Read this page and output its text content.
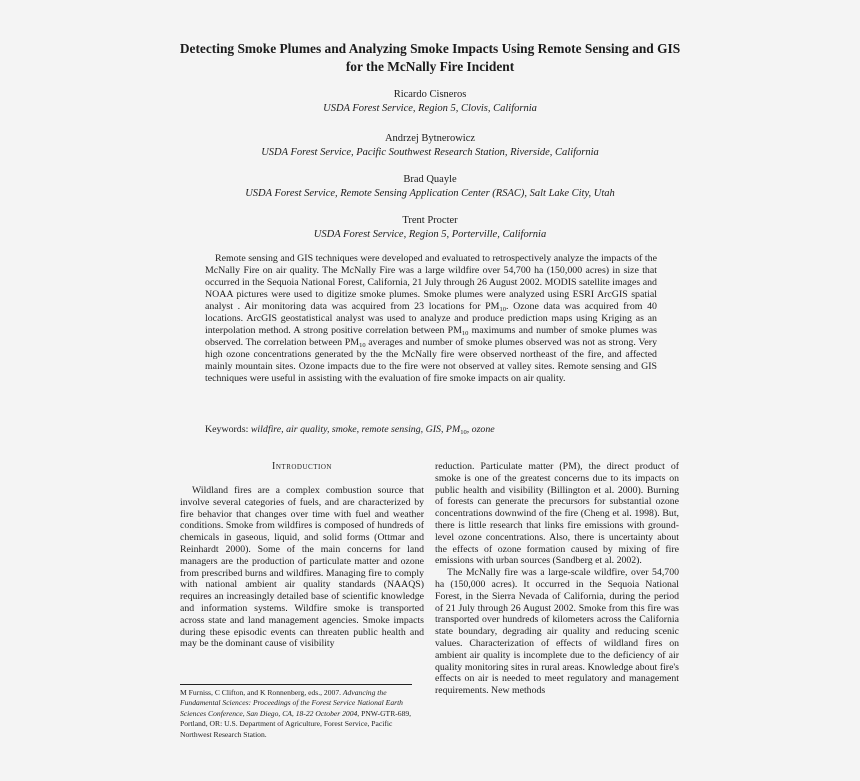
Detecting Smoke Plumes and Analyzing Smoke Impacts Using Remote Sensing and GIS
for the McNally Fire Incident
Ricardo Cisneros
USDA Forest Service, Region 5, Clovis, California
Andrzej Bytnerowicz
USDA Forest Service, Pacific Southwest Research Station, Riverside, California
Brad Quayle
USDA Forest Service, Remote Sensing Application Center (RSAC), Salt Lake City, Utah
Trent Procter
USDA Forest Service, Region 5, Porterville, California

Remote sensing and GIS techniques were developed and evaluated to retrospectively analyze the impacts of the McNally Fire on air quality. The McNally Fire was a large wildfire over 54,700 ha (150,000 acres) in size that occurred in the Sequoia National Forest, California, 21 July through 26 August 2002. MODIS satellite images and NOAA pictures were used to digitize smoke plumes. Smoke plumes were analyzed using ESRI ArcGIS spatial analyst . Air monitoring data was acquired from 23 locations for $PM_{10}$. Ozone data was acquired from 40 locations. ArcGIS geostatistical analyst was used to analyze and produce prediction maps using Kriging as an interpolation method. A strong positive correlation between $PM_{10}$ maximums and number of smoke plumes was observed. The correlation between $PM_{10}$ averages and number of smoke plumes observed was not as strong. Very high ozone concentrations generated by the the McNally fire were observed northeast of the fire, and affected mainly mountain sites. Ozone impacts due to the fire were not observed at valley sites. Remote sensing and GIS techniques were useful in assisting with the evaluation of fire smoke impacts on air quality.

Keywords: wildfire, air quality, smoke, remote sensing, GIS, $PM_{10}$, ozone

Introduction

Wildland fires are a complex combustion source that involve several categories of fuels, and are characterized by fire behavior that changes over time with fuel and weather conditions. Smoke from wildfires is composed of hundreds of chemicals in gaseous, liquid, and solid forms (Ottmar and Reinhardt 2000). Some of the main concerns for land managers are the production of particulate matter and ozone from prescribed burns and wildfires. Managing fire to comply with national ambient air quality standards (NAAQS) requires an increasingly detailed base of scientific knowledge and information systems. Wildfire smoke is transported across state and land management agencies. Smoke impacts during these episodic events can threaten public health and may be the dominant cause of visibility

reduction. Particulate matter (PM), the direct product of smoke is one of the greatest concerns due to its impacts on public health and visibility (Billington et al. 2000). Burning of forests can generate the precursors for substantial ozone concentrations downwind of the fire (Cheng et al. 1998). But, there is little research that links fire emissions with ground-level ozone concentrations. Also, there is uncertainty about the effects of ozone formation caused by mixing of fire emissions with urban sources (Sandberg et al. 2002).

The McNally fire was a large-scale wildfire, over 54,700 ha (150,000 acres). It occurred in the Sequoia National Forest, in the Sierra Nevada of California, during the period of 21 July through 26 August 2002. Smoke from this fire was transported over hundreds of kilometers across the California state boundary, degrading air quality and reducing scenic values. Characterization of effects of wildland fires on ambient air quality is incomplete due to the deficiency of air quality monitoring sites in rural areas. Knowledge about fire's effects on air is needed to meet regulatory and management requirements. New methods

M Furniss, C Clifton, and K Ronnenberg, eds., 2007. Advancing the Fundamental Sciences: Proceedings of the Forest Service National Earth Sciences Conference, San Diego, CA, 18-22 October 2004, PNW-GTR-689, Portland, OR: U.S. Department of Agriculture, Forest Service, Pacific Northwest Research Station.
